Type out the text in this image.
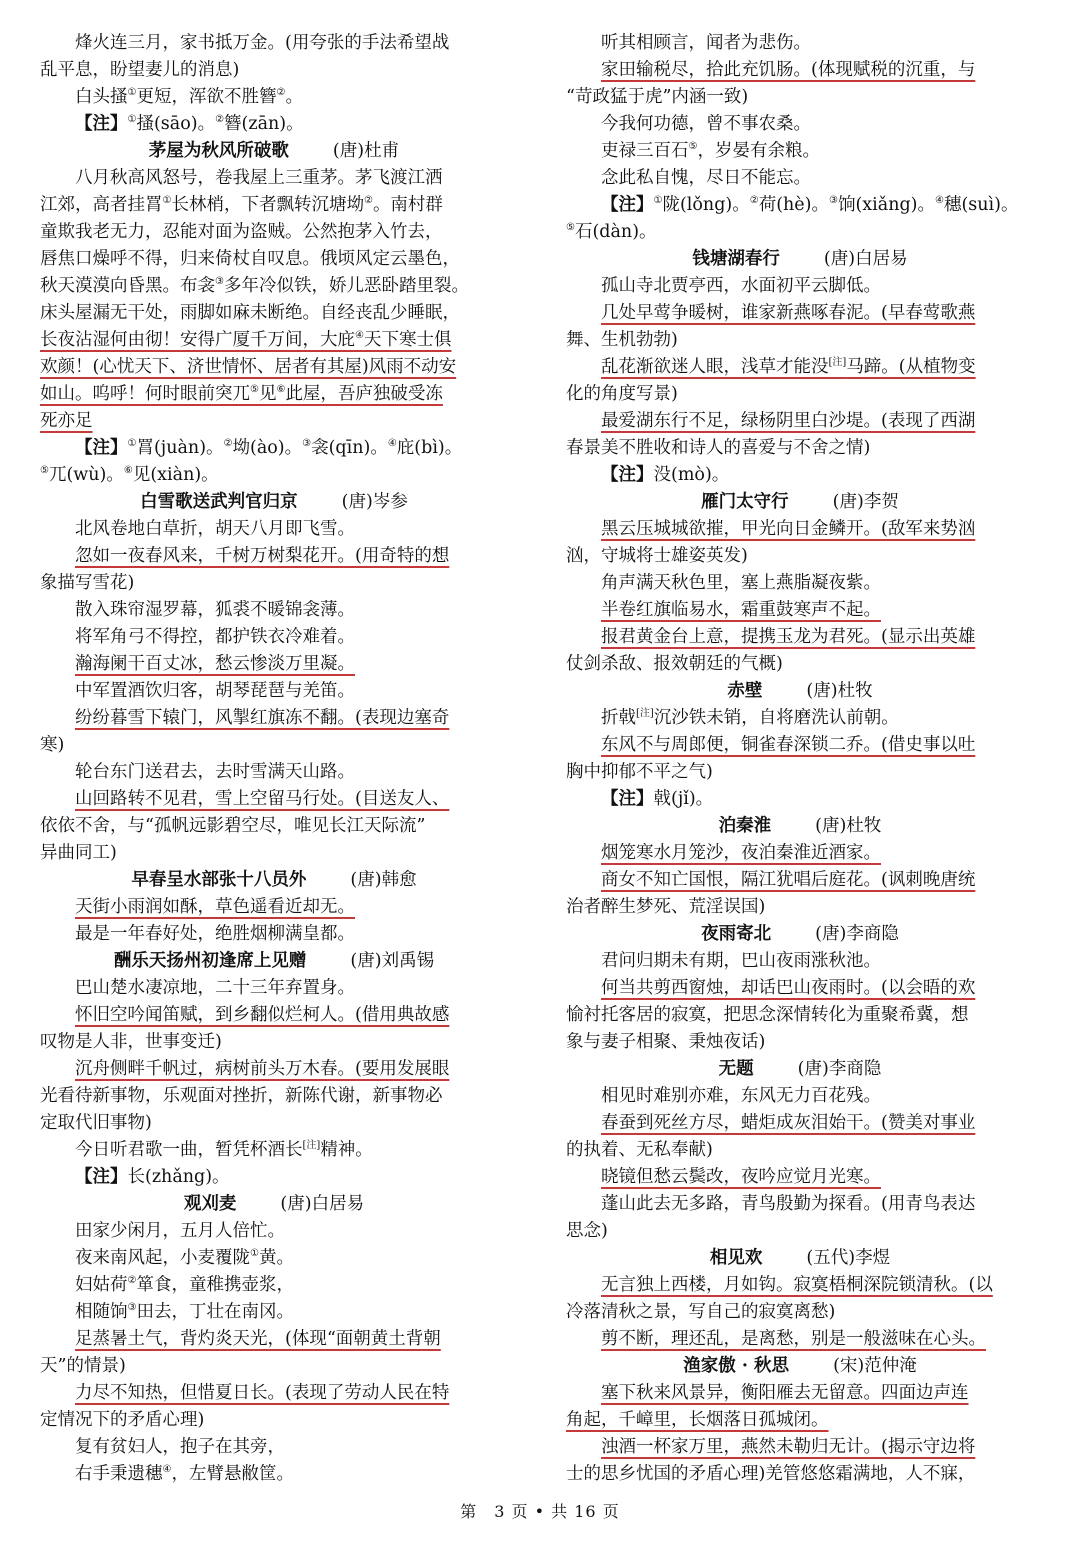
烽火连三月，家书抵万金。(用夸张的手法希望战
乱平息，盼望妻儿的消息)
白头搔①更短，浑欲不胜簪②。
【注】①搔(sāo)。②簪(zān)。
茅屋为秋风所破歌	(唐)杜甫
八月秋高风怒号，卷我屋上三重茅。茅飞渡江洒
江郊，高者挂罥①长林梢，下者飘转沉塘坳②。南村群
童欺我老无力，忍能对面为盗贼。公然抱茅入竹去，
唇焦口燥呼不得，归来倚杖自叹息。俄顷风定云墨色，
秋天漠漠向昏黑。布衾③多年冷似铁，娇儿恶卧踏里裂。
床头屋漏无干处，雨脚如麻未断绝。自经丧乱少睡眠，
长夜沾湿何由彻！安得广厦千万间，大庇④天下寒士俱
欢颜！(心忧天下、济世情怀、居者有其屋)风雨不动安
如山。呜呼！何时眼前突兀⑤见⑥此屋，吾庐独破受冻
死亦足
【注】①罥(juàn)。②坳(ào)。③衾(qīn)。④庇(bì)。
⑤兀(wù)。⑥见(xiàn)。
白雪歌送武判官归京	(唐)岑参
北风卷地白草折，胡天八月即飞雪。
忽如一夜春风来，千树万树梨花开。(用奇特的想
象描写雪花)
散入珠帘湿罗幕，狐裘不暖锦衾薄。
将军角弓不得控，都护铁衣冷难着。
瀚海阑干百丈冰，愁云惨淡万里凝。
中军置酒饮归客，胡琴琵琶与羌笛。
纷纷暮雪下辕门，风掣红旗冻不翻。(表现边塞奇
寒)
轮台东门送君去，去时雪满天山路。
山回路转不见君，雪上空留马行处。(目送友人、
依依不舍，与“孤帆远影碧空尽，唯见长江天际流”
异曲同工)
早春呈水部张十八员外	(唐)韩愈
天街小雨润如酥，草色遥看近却无。
最是一年春好处，绝胜烟柳满皇都。
酬乐天扬州初逢席上见赠	(唐)刘禹锡
巴山楚水凄凉地，二十三年弃置身。
怀旧空吟闻笛赋，到乡翻似烂柯人。(借用典故感
叹物是人非，世事变迁)
沉舟侧畔千帆过，病树前头万木春。(要用发展眼
光看待新事物，乐观面对挫折，新陈代谢，新事物必
定取代旧事物)
今日听君歌一曲，暂凭杯酒长[注]精神。
【注】长(zhǎng)。
观刈麦	(唐)白居易
田家少闲月，五月人倍忙。
夜来南风起，小麦覆陇①黄。
妇姑荷②箪食，童稚携壶浆，
相随饷③田去，丁壮在南冈。
足蒸暑土气，背灼炎天光，(体现“面朝黄土背朝
天”的情景)
力尽不知热，但惜夏日长。(表现了劳动人民在特
定情况下的矛盾心理)
复有贫妇人，抱子在其旁，
右手秉遗穗④，左臂悬敝筐。
听其相顾言，闻者为悲伤。
家田输税尽，拾此充饥肠。(体现赋税的沉重，与
“苛政猛于虎”内涵一致)
今我何功德，曾不事农桑。
吏禄三百石⑤，岁晏有余粮。
念此私自愧，尽日不能忘。
【注】①陇(lǒng)。②荷(hè)。③饷(xiǎng)。④穗(suì)。
⑤石(dàn)。
钱塘湖春行	(唐)白居易
孤山寺北贾亭西，水面初平云脚低。
几处早莺争暖树，谁家新燕啄春泥。(早春莺歌燕
舞、生机勃勃)
乱花渐欲迷人眼，浅草才能没[注]马蹄。(从植物变
化的角度写景)
最爱湖东行不足，绿杨阴里白沙堤。(表现了西湖
春景美不胜收和诗人的喜爱与不舍之情)
【注】没(mò)。
雁门太守行	(唐)李贺
黑云压城城欲摧，甲光向日金鳞开。(敌军来势汹
汹，守城将士雄姿英发)
角声满天秋色里，塞上燕脂凝夜紫。
半卷红旗临易水，霜重鼓寒声不起。
报君黄金台上意，提携玉龙为君死。(显示出英雄
仗剑杀敌、报效朝廷的气概)
赤壁	(唐)杜牧
折戟[注]沉沙铁未销，自将磨洗认前朝。
东风不与周郎便，铜雀春深锁二乔。(借史事以吐
胸中抑郁不平之气)
【注】戟(jǐ)。
泊秦淮	(唐)杜牧
烟笼寒水月笼沙，夜泊秦淮近酒家。
商女不知亡国恨，隔江犹唱后庭花。(讽刺晚唐统
治者醉生梦死、荒淫误国)
夜雨寄北	(唐)李商隐
君问归期未有期，巴山夜雨涨秋池。
何当共剪西窗烛，却话巴山夜雨时。(以会晤的欢
愉衬托客居的寂寞，把思念深情转化为重聚希冀，想
象与妻子相聚、秉烛夜话)
无题	(唐)李商隐
相见时难别亦难，东风无力百花残。
春蚕到死丝方尽，蜡炬成灰泪始干。(赞美对事业
的执着、无私奉献)
晓镜但愁云鬓改，夜吟应觉月光寒。
蓬山此去无多路，青鸟殷勤为探看。(用青鸟表达
思念)
相见欢	(五代)李煜
无言独上西楼，月如钩。寂寞梧桐深院锁清秋。(以
冷落清秋之景，写自己的寂寞离愁)
剪不断，理还乱，是离愁，别是一般滋味在心头。
渔家傲 · 秋思	(宋)范仲淹
塞下秋来风景异，衡阳雁去无留意。四面边声连
角起，千嶂里，长烟落日孤城闭。
浊酒一杯家万里，燕然未勒归无计。(揭示守边将
士的思乡忧国的矛盾心理)羌管悠悠霜满地，人不寐，
第　3 页 • 共 16 页
